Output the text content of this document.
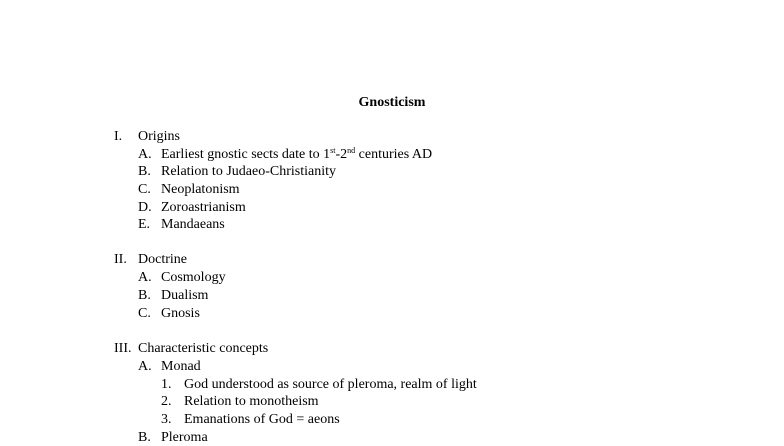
Gnosticism
I. Origins
A. Earliest gnostic sects date to 1st-2nd centuries AD
B. Relation to Judaeo-Christianity
C. Neoplatonism
D. Zoroastrianism
E. Mandaeans
II. Doctrine
A. Cosmology
B. Dualism
C. Gnosis
III. Characteristic concepts
A. Monad
1. God understood as source of pleroma, realm of light
2. Relation to monotheism
3. Emanations of God = aeons
B. Pleroma
